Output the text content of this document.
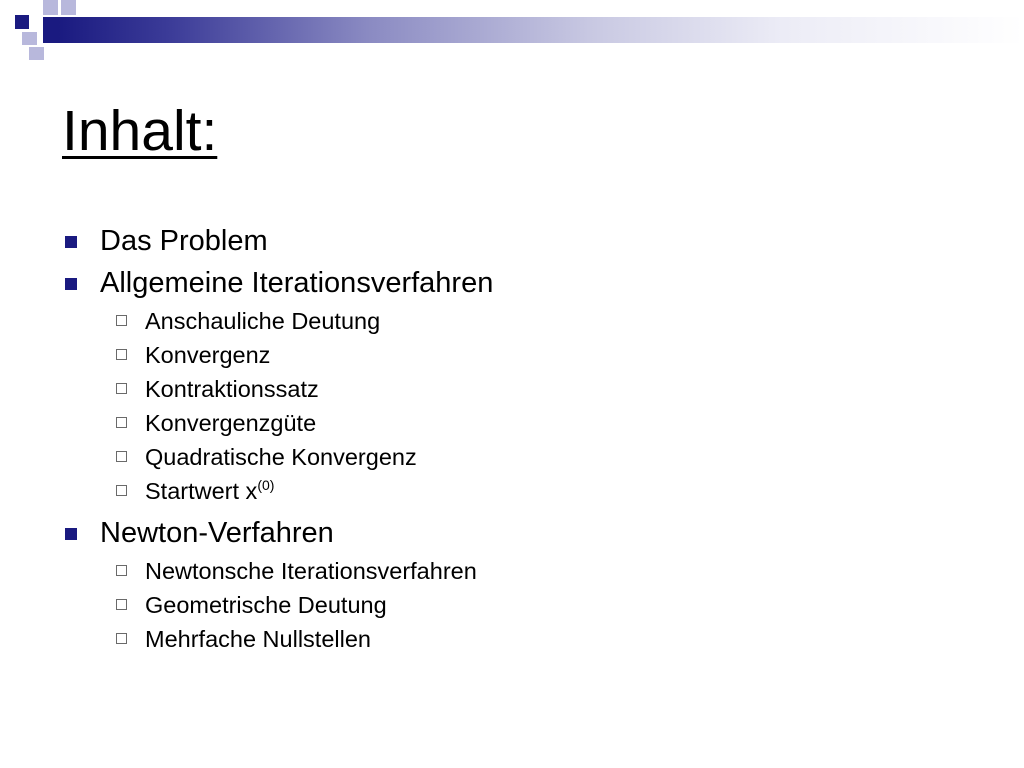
Inhalt:
Das Problem
Allgemeine Iterationsverfahren
Anschauliche Deutung
Konvergenz
Kontraktionssatz
Konvergenzgüte
Quadratische Konvergenz
Startwert $x^{(0)}$
Newton-Verfahren
Newtonsche Iterationsverfahren
Geometrische Deutung
Mehrfache Nullstellen
